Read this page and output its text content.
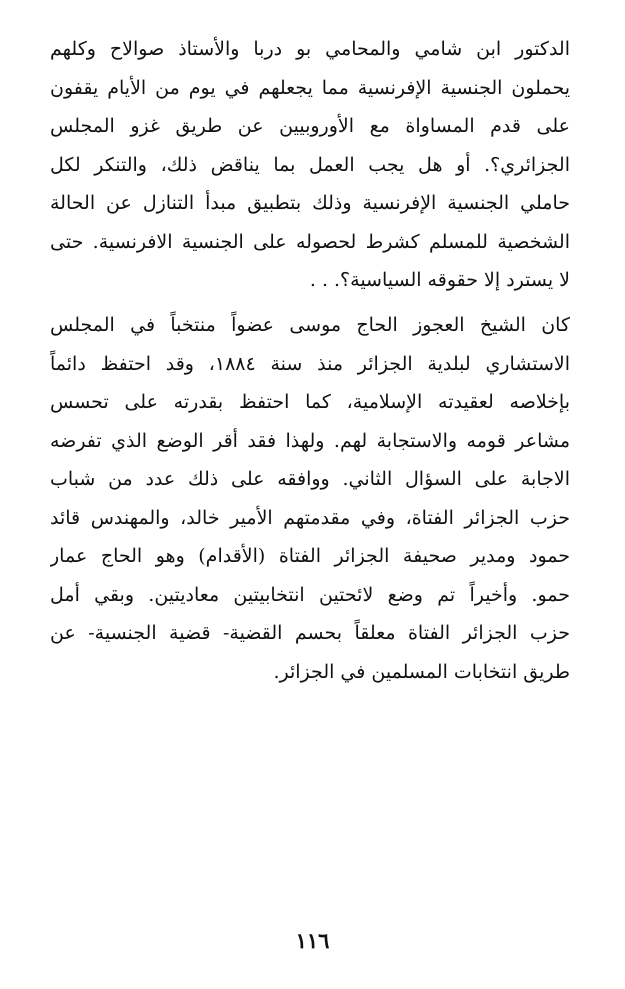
الدكتور ابن شامي والمحامي بو دربا والأستاذ صوالاح وكلهم
يحملون الجنسية الإفرنسية مما يجعلهم في يوم من الأيام يقفون
على قدم المساواة مع الأوروبيين عن طريق غزو المجلس
الجزائري؟. أو هل يجب العمل بما يناقض ذلك، والتنكر لكل
حاملي الجنسية الإفرنسية وذلك بتطبيق مبدأ التنازل عن الحالة
الشخصية للمسلم كشرط لحصوله على الجنسية الافرنسية. حتى
لا يسترد إلا حقوقه السياسية؟. . .
كان الشيخ العجوز الحاج موسى عضواً منتخباً في المجلس
الاستشاري لبلدية الجزائر منذ سنة ١٨٨٤، وقد احتفظ دائماً
بإخلاصه لعقيدته الإسلامية، كما احتفظ بقدرته على تحسس
مشاعر قومه والاستجابة لهم. ولهذا فقد أقر الوضع الذي تفرضه
الاجابة على السؤال الثاني. ووافقه على ذلك عدد من شباب
حزب الجزائر الفتاة، وفي مقدمتهم الأمير خالد، والمهندس قائد
حمود ومدير صحيفة الجزائر الفتاة (الأقدام) وهو الحاج عمار
حمو. وأخيراً تم وضع لائحتين انتخابيتين معاديتين. وبقي أمل
حزب الجزائر الفتاة معلقاً بحسم القضية- قضية الجنسية- عن
طريق انتخابات المسلمين في الجزائر.
١١٦
